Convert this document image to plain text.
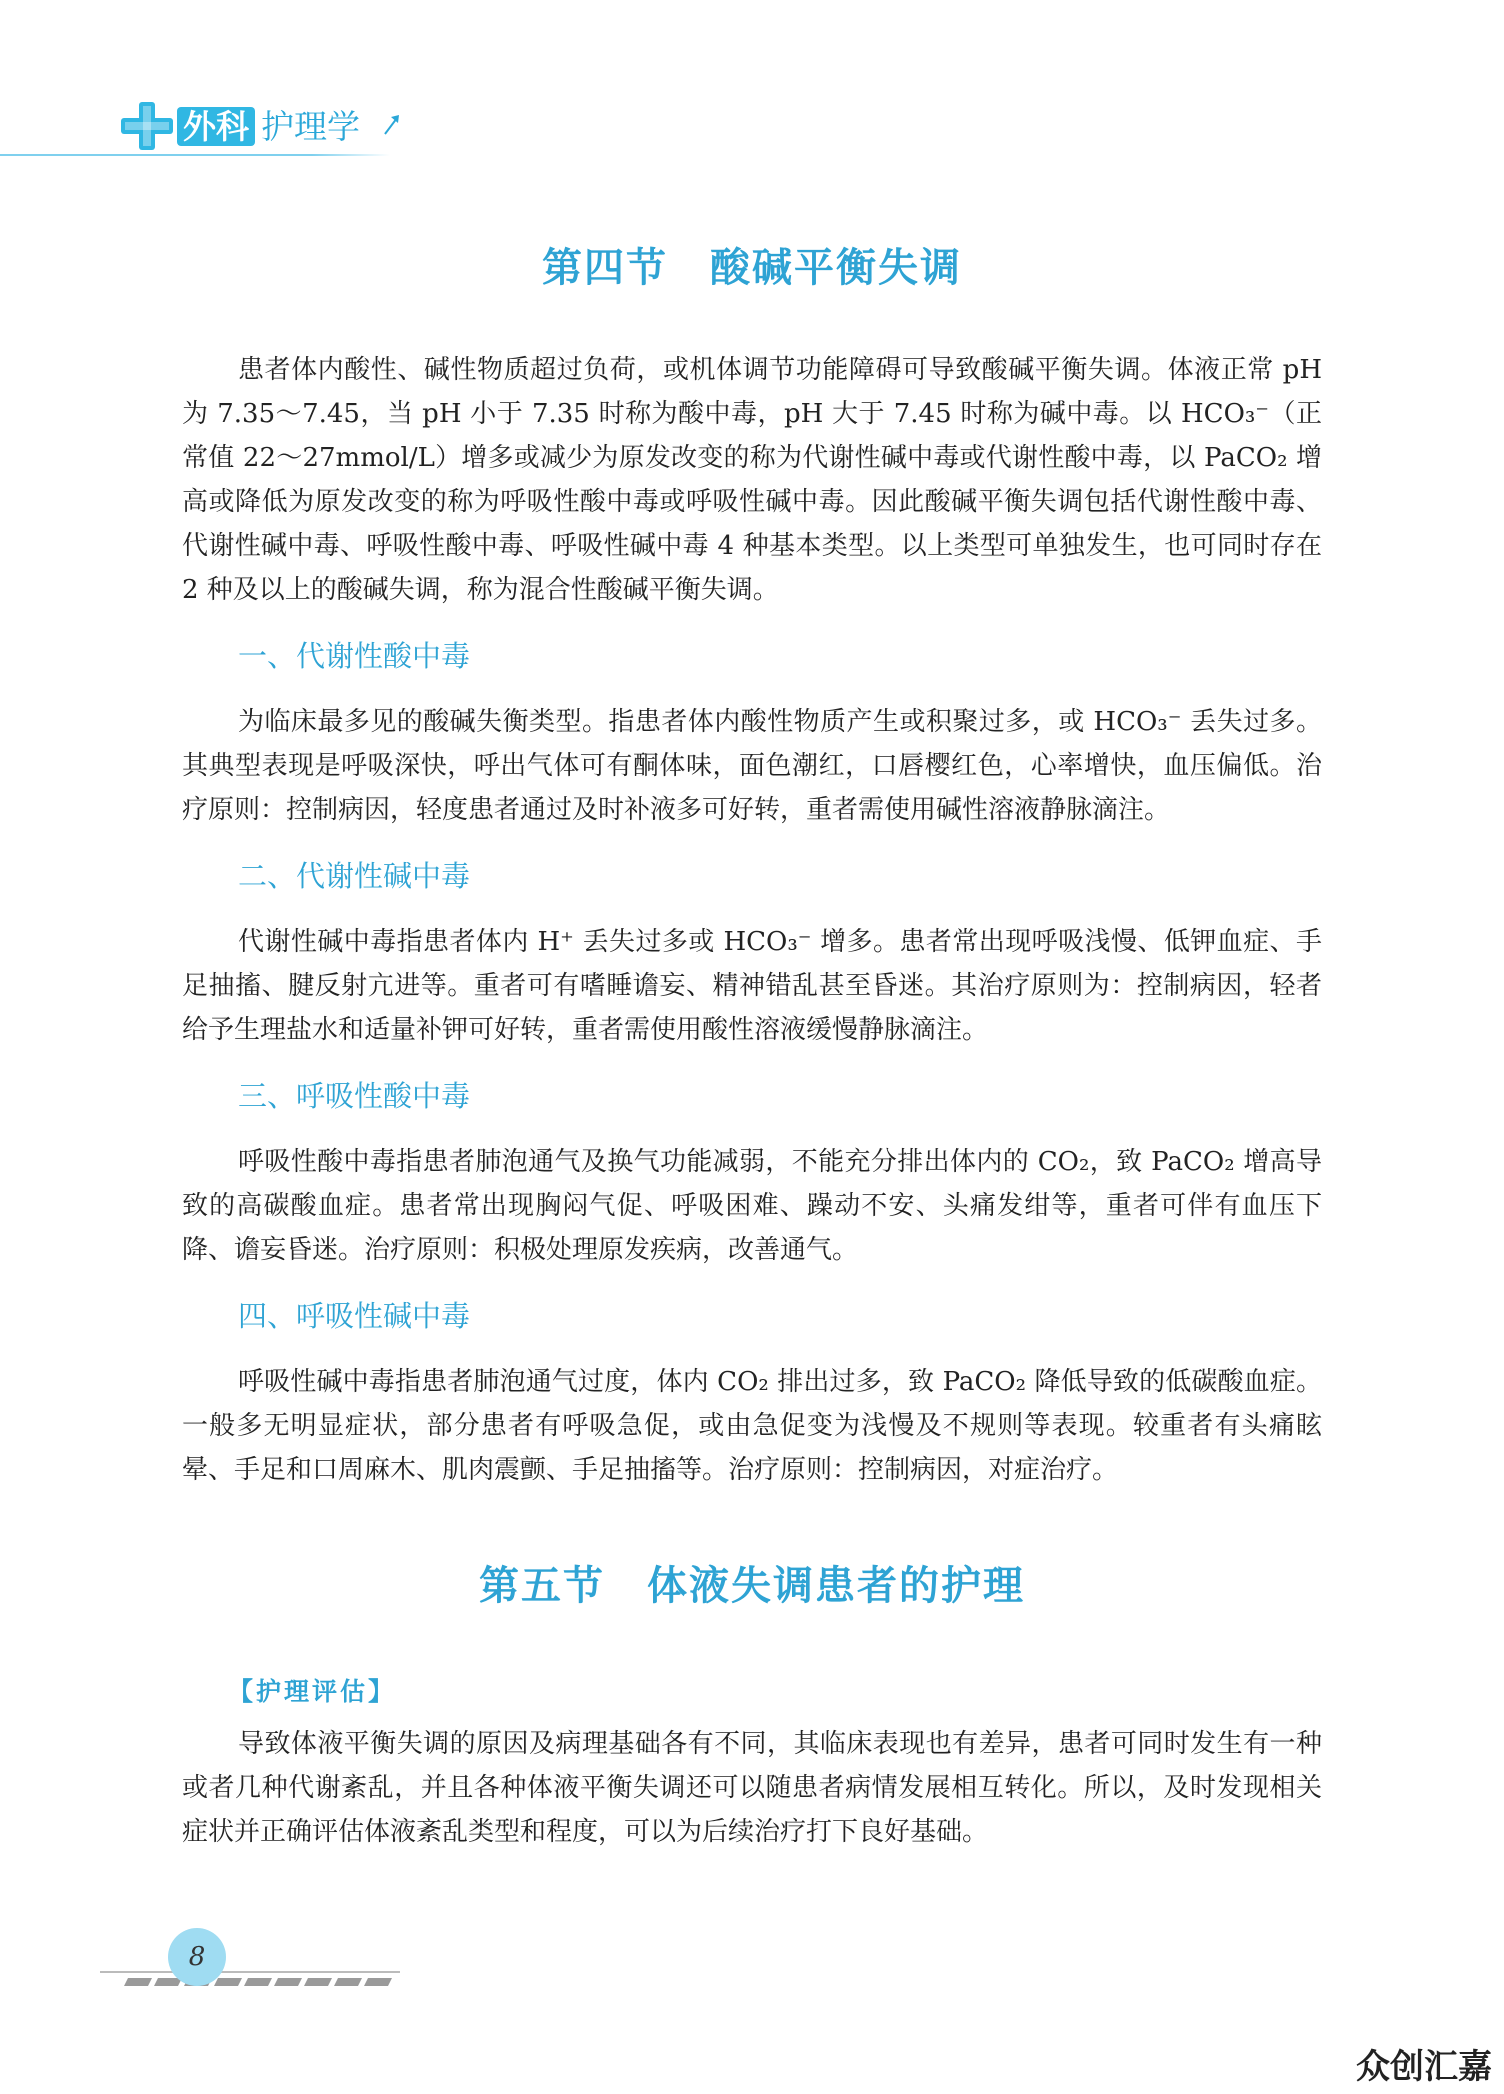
外科 护理学
第四节　酸碱平衡失调
患者体内酸性、碱性物质超过负荷，或机体调节功能障碍可导致酸碱平衡失调。体液正常 pH 为 7.35～7.45，当 pH 小于 7.35 时称为酸中毒，pH 大于 7.45 时称为碱中毒。以 HCO₃⁻（正常值 22～27mmol/L）增多或减少为原发改变的称为代谢性碱中毒或代谢性酸中毒，以 PaCO₂ 增高或降低为原发改变的称为呼吸性酸中毒或呼吸性碱中毒。因此酸碱平衡失调包括代谢性酸中毒、代谢性碱中毒、呼吸性酸中毒、呼吸性碱中毒 4 种基本类型。以上类型可单独发生，也可同时存在 2 种及以上的酸碱失调，称为混合性酸碱平衡失调。
一、代谢性酸中毒
为临床最多见的酸碱失衡类型。指患者体内酸性物质产生或积聚过多，或 HCO₃⁻ 丢失过多。其典型表现是呼吸深快，呼出气体可有酮体味，面色潮红，口唇樱红色，心率增快，血压偏低。治疗原则：控制病因，轻度患者通过及时补液多可好转，重者需使用碱性溶液静脉滴注。
二、代谢性碱中毒
代谢性碱中毒指患者体内 H⁺ 丢失过多或 HCO₃⁻ 增多。患者常出现呼吸浅慢、低钾血症、手足抽搐、腱反射亢进等。重者可有嗜睡谵妄、精神错乱甚至昏迷。其治疗原则为：控制病因，轻者给予生理盐水和适量补钾可好转，重者需使用酸性溶液缓慢静脉滴注。
三、呼吸性酸中毒
呼吸性酸中毒指患者肺泡通气及换气功能减弱，不能充分排出体内的 CO₂，致 PaCO₂ 增高导致的高碳酸血症。患者常出现胸闷气促、呼吸困难、躁动不安、头痛发绀等，重者可伴有血压下降、谵妄昏迷。治疗原则：积极处理原发疾病，改善通气。
四、呼吸性碱中毒
呼吸性碱中毒指患者肺泡通气过度，体内 CO₂ 排出过多，致 PaCO₂ 降低导致的低碳酸血症。一般多无明显症状，部分患者有呼吸急促，或由急促变为浅慢及不规则等表现。较重者有头痛眩晕、手足和口周麻木、肌肉震颤、手足抽搐等。治疗原则：控制病因，对症治疗。
第五节　体液失调患者的护理
【护理评估】
导致体液平衡失调的原因及病理基础各有不同，其临床表现也有差异，患者可同时发生有一种或者几种代谢紊乱，并且各种体液平衡失调还可以随患者病情发展相互转化。所以，及时发现相关症状并正确评估体液紊乱类型和程度，可以为后续治疗打下良好基础。
8
众创汇嘉
